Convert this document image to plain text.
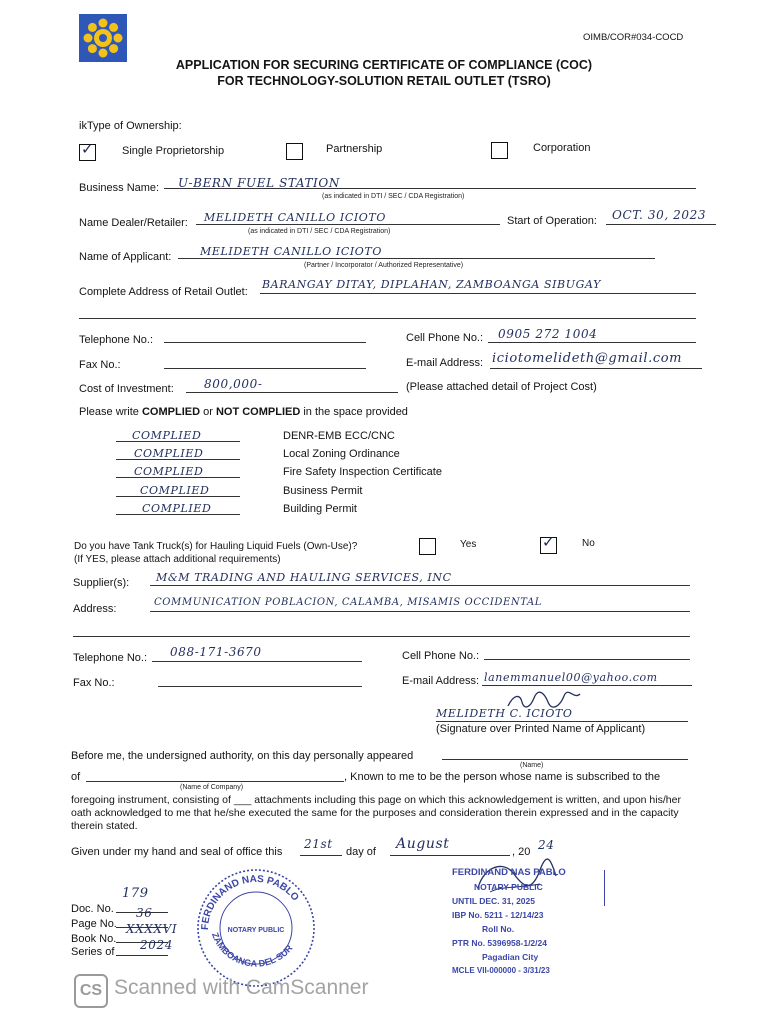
OIMB/COR#034-COCD
APPLICATION FOR SECURING CERTIFICATE OF COMPLIANCE (COC)
FOR TECHNOLOGY-SOLUTION RETAIL OUTLET (TSRO)
ikType of Ownership:
✓	Single Proprietorship	Partnership	Corporation
Business Name: U-BERN FUEL STATION
(as indicated in DTI / SEC / CDA Registration)
Name Dealer/Retailer: MELIDETH CANILLO ICIOTO
(as indicated in DTI / SEC / CDA Registration)
Start of Operation: OCT. 30, 2023
Name of Applicant:	MELIDETH CANILLO ICIOTO
(Partner / Incorporator / Authorized Representative)
Complete Address of Retail Outlet:
BARANGAY DITAY, DIPLAHAN, ZAMBOANGA SIBUGAY
Telephone No.:	Cell Phone No.: 0905 272 1004
Fax No.:	E-mail Address: iciotomelideth@gmail.com
Cost of Investment:	800,000-	(Please attached detail of Project Cost)
Please write COMPLIED or NOT COMPLIED in the space provided
COMPLIED	DENR-EMB ECC/CNC
COMPLIED	Local Zoning Ordinance
COMPLIED	Fire Safety Inspection Certificate
COMPLIED	Business Permit
COMPLIED	Building Permit
Do you have Tank Truck(s) for Hauling Liquid Fuels (Own-Use)?
(If YES, please attach additional requirements)
Yes	✓	No
Supplier(s): M&M TRADING AND HAULING SERVICES, INC
Address:
COMMUNICATION POBLACION, CALAMBA, MISAMIS OCCIDENTAL
Telephone No.: 088-171-3670	Cell Phone No.:
Fax No.:	E-mail Address: lanemmanuel00@yahoo.com
MELIDETH C. ICIOTO
(Signature over Printed Name of Applicant)
Before me, the undersigned authority, on this day personally appeared
(Name)
of
(Name of Company)
, Known to me to be the person whose name is subscribed to the
foregoing instrument, consisting of ___ attachments including this page on which this acknowledgement is written, and upon his/her oath acknowledged to me that he/she executed the same for the purposes and consideration therein expressed and in the capacity therein stated.
Given under my hand and seal of office this
21st
day of August	, 20 24
FERDINAND NAS PABLO
ZAMBOANGA DEL SUR
NOTARY PUBLIC
Doc. No.
179
Page No.
36
Book No.
XXXXVI
Series of 2024
FERDINAND NAS PABLO
NOTARY PUBLIC
UNTIL DEC. 31, 2025
IBP No. 5211 - 12/14/23
Roll No.
PTR No. 5396958-1/2/24
Pagadian City
MCLE VII-000000 - 3/31/23
CS Scanned with CamScanner
